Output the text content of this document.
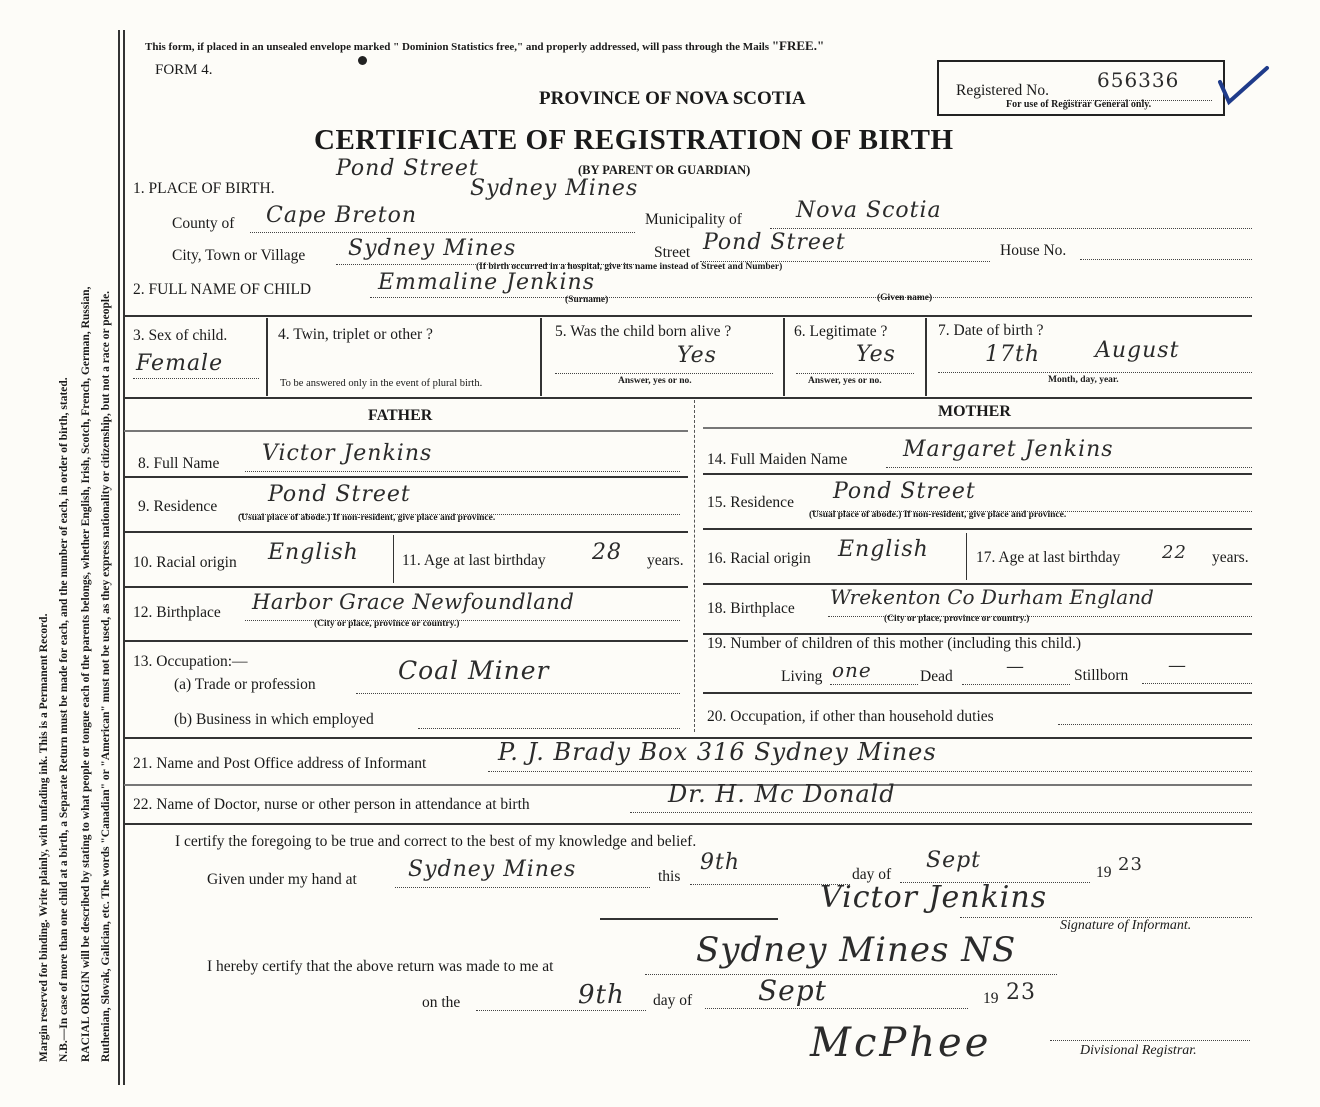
Margin reserved for binding. Write plainly, with unfading ink. This is a Permanent Record. N.B.—In case of more than one child at a birth, a Separate Return must be made for each, and the number of each, in order of birth, stated. RACIAL ORIGIN will be described by stating to what people or tongue each of the parents belongs, whether English, Irish, Scotch, French, German, Russian, Ruthenian, Slovak, Galician, etc. The words "Canadian" or "American" must not be used, as they express nationality or citizenship, but not a race or people.
This form, if placed in an unsealed envelope marked " Dominion Statistics free," and properly addressed, will pass through the Mails "FREE."
FORM 4.
Registered No. 656336
For use of Registrar General only.
PROVINCE OF NOVA SCOTIA
CERTIFICATE OF REGISTRATION OF BIRTH
(BY PARENT OR GUARDIAN)
1. PLACE OF BIRTH.
Pond Street
Sydney Mines
County of Cape Breton	Municipality of Nova Scotia
City, Town or Village Sydney Mines	Street Pond Street	House No.
(If birth occurred in a hospital, give its name instead of Street and Number)
2. FULL NAME OF CHILD	Emmaline Jenkins
(Surname)	(Given name)
3. Sex of child.
Female
4. Twin, triplet or other ?
To be answered only in the event of plural birth.
5. Was the child born alive ?
Yes
Answer, yes or no.
6. Legitimate ?
Yes
Answer, yes or no.
7. Date of birth ?
17th August
Month, day, year.
FATHER	MOTHER
8. Full Name Victor Jenkins
9. Residence Pond Street
(Usual place of abode.) If non-resident, give place and province.
10. Racial origin English	11. Age at last birthday 28 years.
12. Birthplace Harbor Grace Newfoundland
(City or place, province or country.)
13. Occupation:—
(a) Trade or profession	Coal Miner
(b) Business in which employed
14. Full Maiden Name	Margaret Jenkins
15. Residence Pond Street
(Usual place of abode.) If non-resident, give place and province.
16. Racial origin English	17. Age at last birthday 22 years.
18. Birthplace Wrekenton Co Durham England
(City or place, province or country.)
19. Number of children of this mother (including this child.)
Living one	Dead	—	Stillborn —
20. Occupation, if other than household duties
21. Name and Post Office address of Informant	P. J. Brady Box 316 Sydney Mines
22. Name of Doctor, nurse or other person in attendance at birth	Dr. H. Mc Donald
I certify the foregoing to be true and correct to the best of my knowledge and belief.
Given under my hand at Sydney Mines	this
9th	day of
Sept	19 23
Victor Jenkins
Signature of Informant.
I hereby certify that the above return was made to me at	Sydney Mines NS
on the	9th day of Sept	19 23
McPhee	Divisional Registrar.
